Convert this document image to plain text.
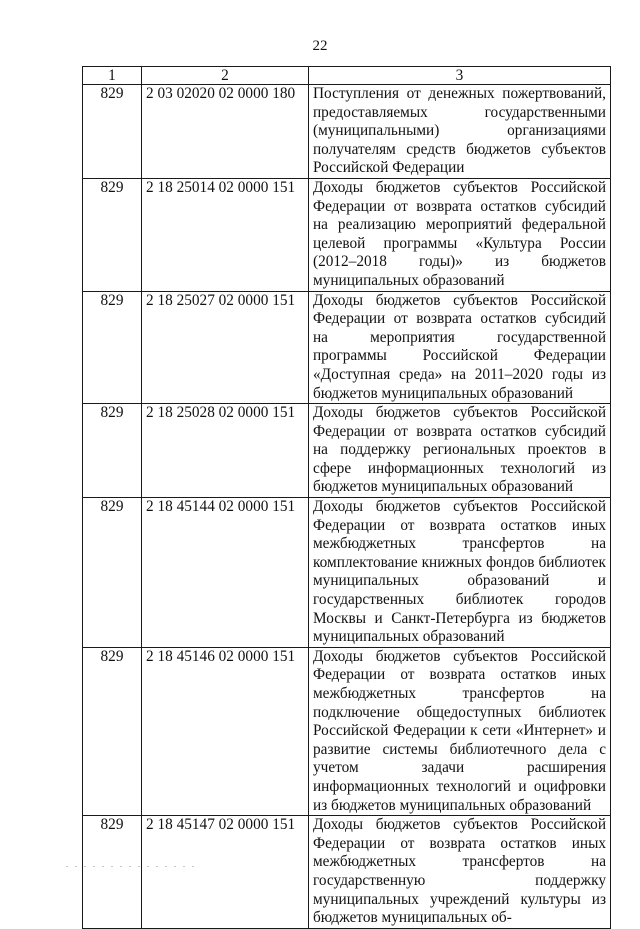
22
1	2	3
829	2 03 02020 02 0000 180	Поступления от денежных пожертвований, предоставляемых государственными (муниципальными) организациями получателям средств бюджетов субъектов Российской Федерации
829	2 18 25014 02 0000 151	Доходы бюджетов субъектов Российской Федерации от возврата остатков субсидий на реализацию мероприятий федеральной целевой программы «Культура России (2012–2018 годы)» из бюджетов муниципальных образований
829	2 18 25027 02 0000 151	Доходы бюджетов субъектов Российской Федерации от возврата остатков субсидий на мероприятия государственной программы Российской Федерации «Доступная среда» на 2011–2020 годы из бюджетов муниципальных образований
829	2 18 25028 02 0000 151	Доходы бюджетов субъектов Российской Федерации от возврата остатков субсидий на поддержку региональных проектов в сфере информационных технологий из бюджетов муниципальных образований
829	2 18 45144 02 0000 151	Доходы бюджетов субъектов Российской Федерации от возврата остатков иных межбюджетных трансфертов на комплектование книжных фондов библиотек муниципальных образований и государственных библиотек городов Москвы и Санкт-Петербурга из бюджетов муниципальных образований
829	2 18 45146 02 0000 151	Доходы бюджетов субъектов Российской Федерации от возврата остатков иных межбюджетных трансфертов на подключение общедоступных библиотек Российской Федерации к сети «Интернет» и развитие системы библиотечного дела с учетом задачи расширения информационных технологий и оцифровки из бюджетов муниципальных образований
829	2 18 45147 02 0000 151	Доходы бюджетов субъектов Российской Федерации от возврата остатков иных межбюджетных трансфертов на государственную поддержку муниципальных учреждений культуры из бюджетов муниципальных об-
